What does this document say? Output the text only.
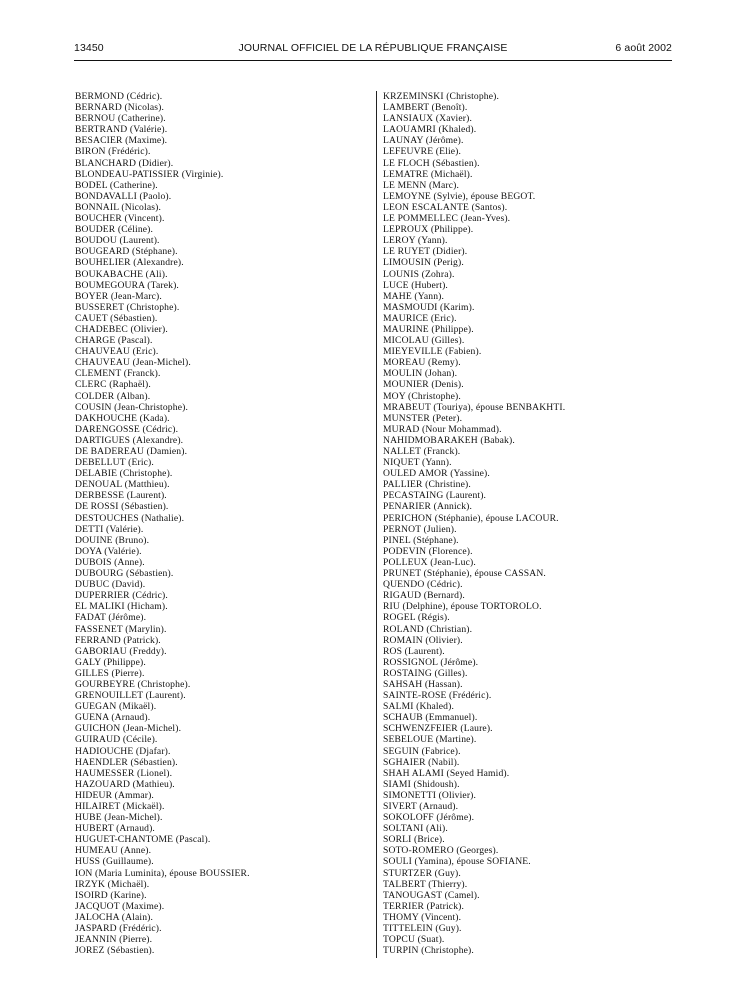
13450	JOURNAL OFFICIEL DE LA RÉPUBLIQUE FRANÇAISE	6 août 2002
BERMOND (Cédric).
BERNARD (Nicolas).
BERNOU (Catherine).
BERTRAND (Valérie).
BESACIER (Maxime).
BIRON (Frédéric).
BLANCHARD (Didier).
BLONDEAU-PATISSIER (Virginie).
BODEL (Catherine).
BONDAVALLI (Paolo).
BONNAIL (Nicolas).
BOUCHER (Vincent).
BOUDER (Céline).
BOUDOU (Laurent).
BOUGEARD (Stéphane).
BOUHELIER (Alexandre).
BOUKABACHE (Ali).
BOUMEGOURA (Tarek).
BOYER (Jean-Marc).
BUSSERET (Christophe).
CAUET (Sébastien).
CHADEBEC (Olivier).
CHARGE (Pascal).
CHAUVEAU (Eric).
CHAUVEAU (Jean-Michel).
CLEMENT (Franck).
CLERC (Raphaël).
COLDER (Alban).
COUSIN (Jean-Christophe).
DAKHOUCHE (Kada).
DARENGOSSE (Cédric).
DARTIGUES (Alexandre).
DE BADEREAU (Damien).
DEBELLUT (Eric).
DELABIE (Christophe).
DENOUAL (Matthieu).
DERBESSE (Laurent).
DE ROSSI (Sébastien).
DESTOUCHES (Nathalie).
DETTI (Valérie).
DOUINE (Bruno).
DOYA (Valérie).
DUBOIS (Anne).
DUBOURG (Sébastien).
DUBUC (David).
DUPERRIER (Cédric).
EL MALIKI (Hicham).
FADAT (Jérôme).
FASSENET (Marylin).
FERRAND (Patrick).
GABORIAU (Freddy).
GALY (Philippe).
GILLES (Pierre).
GOURBEYRE (Christophe).
GRENOUILLET (Laurent).
GUEGAN (Mikaël).
GUENA (Arnaud).
GUICHON (Jean-Michel).
GUIRAUD (Cécile).
HADIOUCHE (Djafar).
HAENDLER (Sébastien).
HAUMESSER (Lionel).
HAZOUARD (Mathieu).
HIDEUR (Ammar).
HILAIRET (Mickaël).
HUBE (Jean-Michel).
HUBERT (Arnaud).
HUGUET-CHANTOME (Pascal).
HUMEAU (Anne).
HUSS (Guillaume).
ION (Maria Luminita), épouse BOUSSIER.
IRZYK (Michaël).
ISOIRD (Karine).
JACQUOT (Maxime).
JALOCHA (Alain).
JASPARD (Frédéric).
JEANNIN (Pierre).
JOREZ (Sébastien).
KRZEMINSKI (Christophe).
LAMBERT (Benoît).
LANSIAUX (Xavier).
LAOUAMRI (Khaled).
LAUNAY (Jérôme).
LEFEUVRE (Elie).
LE FLOCH (Sébastien).
LEMATRE (Michaël).
LE MENN (Marc).
LEMOYNE (Sylvie), épouse BEGOT.
LEON ESCALANTE (Santos).
LE POMMELLEC (Jean-Yves).
LEPROUX (Philippe).
LEROY (Yann).
LE RUYET (Didier).
LIMOUSIN (Perig).
LOUNIS (Zohra).
LUCE (Hubert).
MAHE (Yann).
MASMOUDI (Karim).
MAURICE (Eric).
MAURINE (Philippe).
MICOLAU (Gilles).
MIEYEVILLE (Fabien).
MOREAU (Remy).
MOULIN (Johan).
MOUNIER (Denis).
MOY (Christophe).
MRABEUT (Touriya), épouse BENBAKHTI.
MUNSTER (Peter).
MURAD (Nour Mohammad).
NAHIDMOBARAKEH (Babak).
NALLET (Franck).
NIQUET (Yann).
OULED AMOR (Yassine).
PALLIER (Christine).
PECASTAING (Laurent).
PENARIER (Annick).
PERICHON (Stéphanie), épouse LACOUR.
PERNOT (Julien).
PINEL (Stéphane).
PODEVIN (Florence).
POLLEUX (Jean-Luc).
PRUNET (Stéphanie), épouse CASSAN.
QUENDO (Cédric).
RIGAUD (Bernard).
RIU (Delphine), épouse TORTOROLO.
ROGEL (Régis).
ROLAND (Christian).
ROMAIN (Olivier).
ROS (Laurent).
ROSSIGNOL (Jérôme).
ROSTAING (Gilles).
SAHSAH (Hassan).
SAINTE-ROSE (Frédéric).
SALMI (Khaled).
SCHAUB (Emmanuel).
SCHWENZFEIER (Laure).
SEBELOUE (Martine).
SEGUIN (Fabrice).
SGHAIER (Nabil).
SHAH ALAMI (Seyed Hamid).
SIAMI (Shidoush).
SIMONETTI (Olivier).
SIVERT (Arnaud).
SOKOLOFF (Jérôme).
SOLTANI (Ali).
SORLI (Brice).
SOTO-ROMERO (Georges).
SOULI (Yamina), épouse SOFIANE.
STURTZER (Guy).
TALBERT (Thierry).
TANOUGAST (Camel).
TERRIER (Patrick).
THOMY (Vincent).
TITTELEIN (Guy).
TOPCU (Suat).
TURPIN (Christophe).
